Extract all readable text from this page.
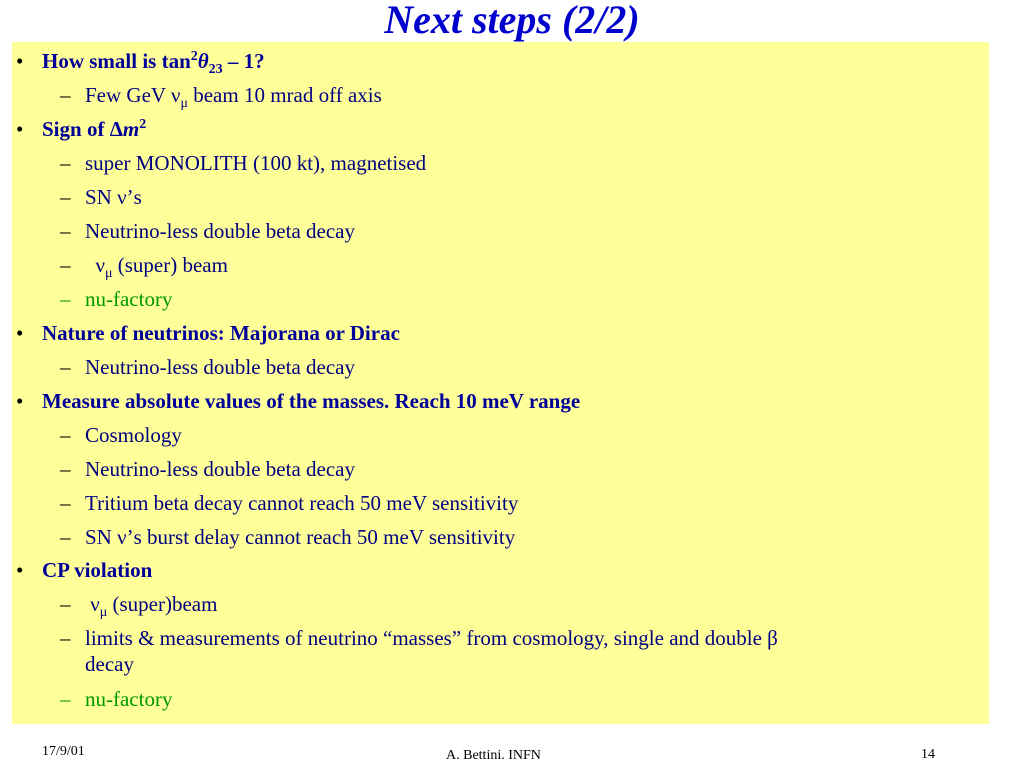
Next steps (2/2)
• How small is $\tan^2\theta_{23} - 1$?
– Few GeV $\nu_\mu$ beam 10 mrad off axis
• Sign of $\Delta m^2$
– super MONOLITH (100 kt), magnetised
– SN ν’s
– Neutrino-less double beta decay
–	$\nu_\mu$ (super) beam
– nu-factory
• Nature of neutrinos: Majorana or Dirac
– Neutrino-less double beta decay
• Measure absolute values of the masses. Reach 10 meV range
– Cosmology
– Neutrino-less double beta decay
– Tritium beta decay cannot reach 50 meV sensitivity
– SN ν’s burst delay cannot reach 50 meV sensitivity
• CP violation
– $\nu_\mu$ (super)beam
– limits & measurements of neutrino “masses” from cosmology, single and double β
decay
– nu-factory
17/9/01	A. Bettini. INFN	14
